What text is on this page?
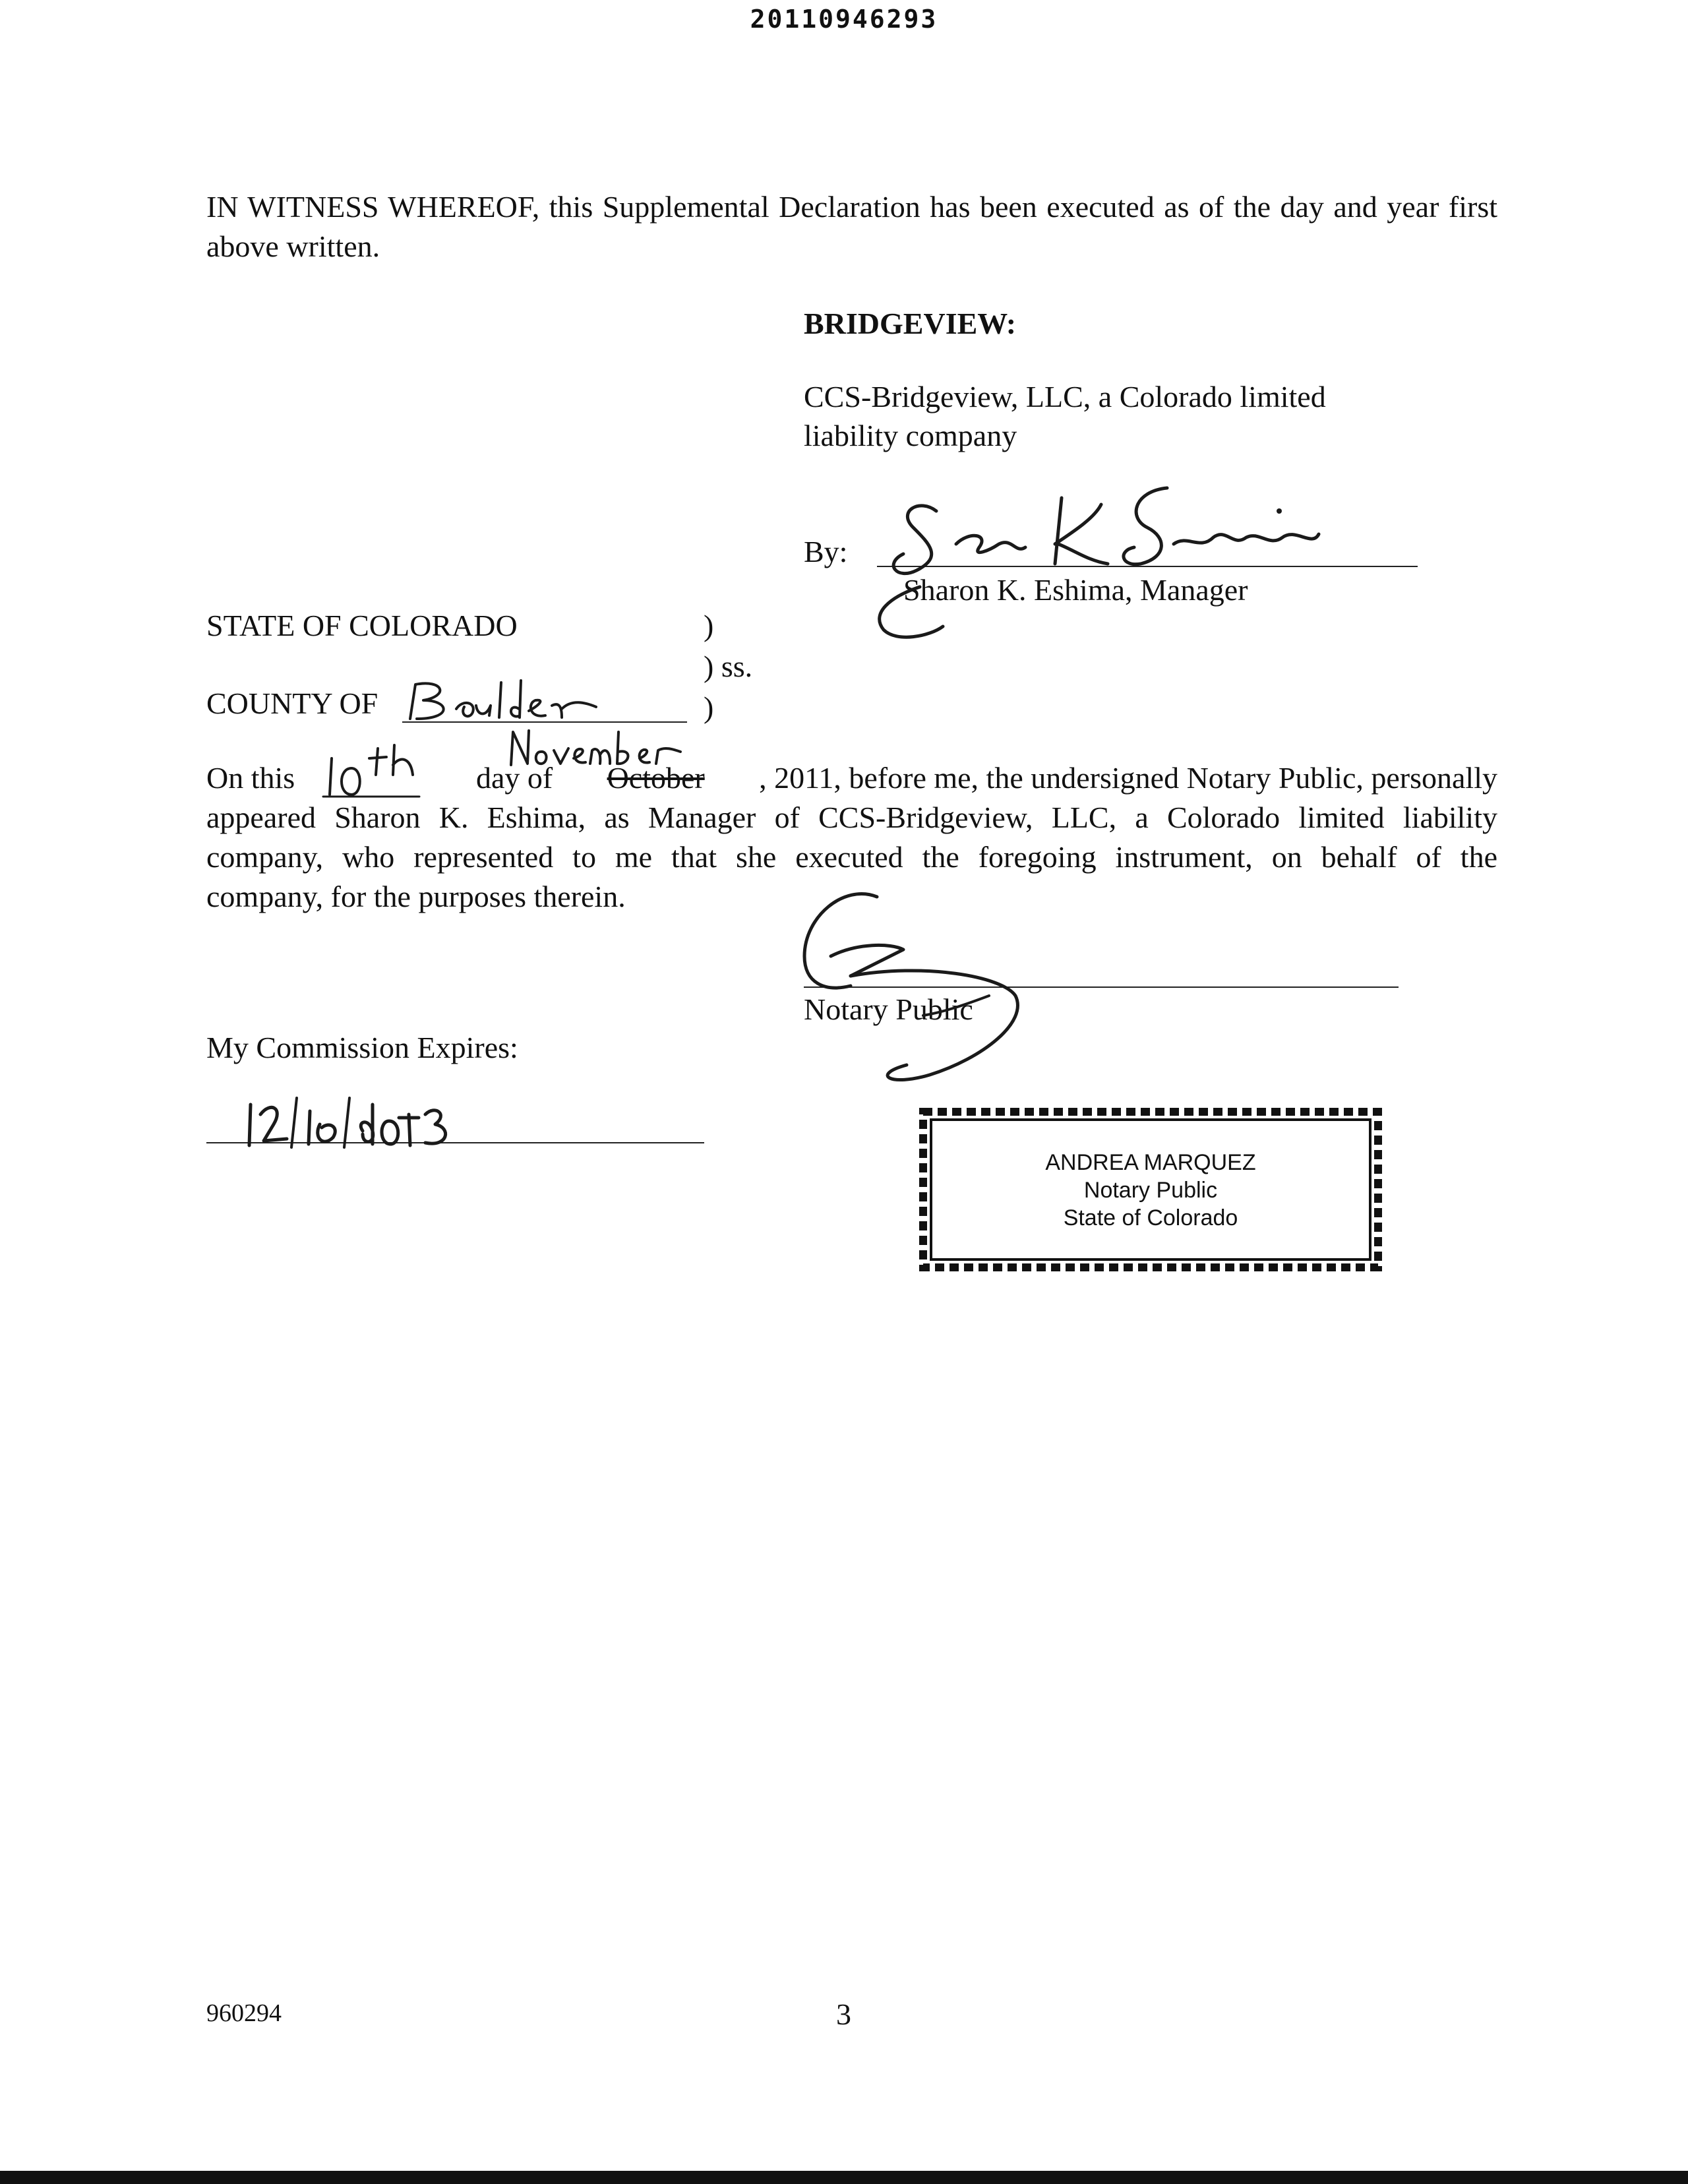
20110946293
IN WITNESS WHEREOF, this Supplemental Declaration has been executed as of the day and year first above written.
BRIDGEVIEW:
CCS-Bridgeview, LLC, a Colorado limited
liability company
By:
Sharon K. Eshima, Manager
STATE OF COLORADO	)
) ss.
COUNTY OF	)
On this	day of October , 2011, before me, the undersigned Notary Public, personally
appeared Sharon K. Eshima, as Manager of CCS-Bridgeview, LLC, a Colorado limited liability
company, who represented to me that she executed the foregoing instrument, on behalf of the
company, for the purposes therein.
Notary Public
My Commission Expires:
ANDREA MARQUEZ
Notary Public
State of Colorado
960294	3
